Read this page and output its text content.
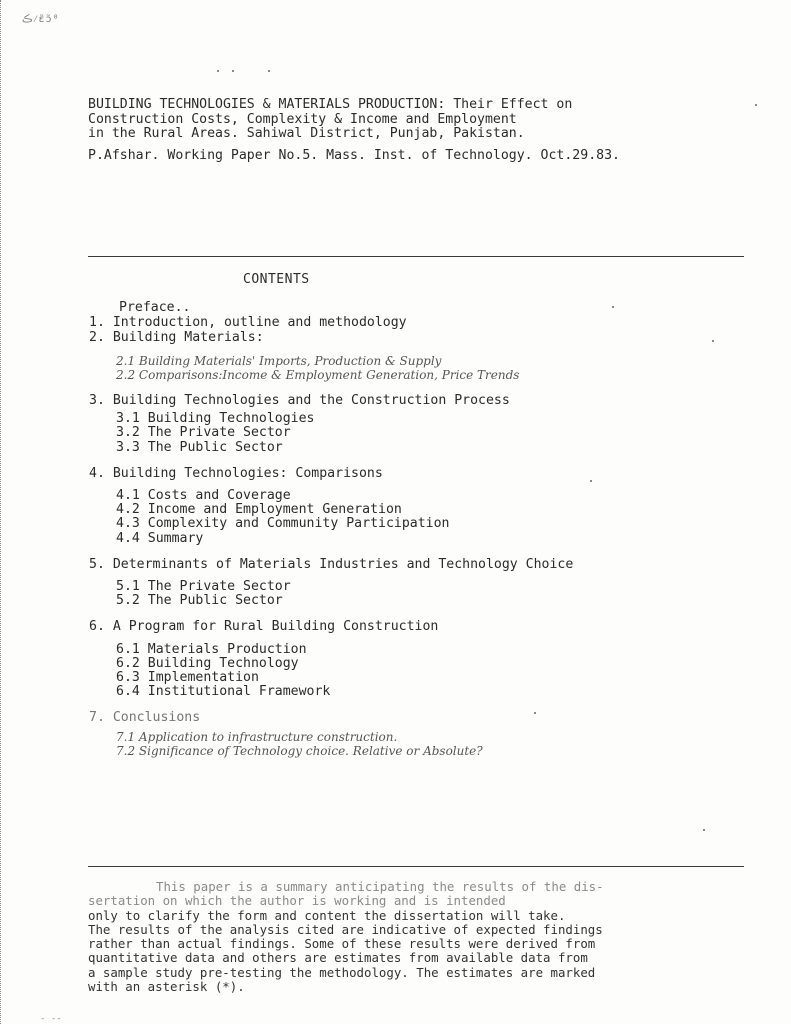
ڪ⁄ɛ̃ɔ̃⁰
BUILDING TECHNOLOGIES & MATERIALS PRODUCTION: Their Effect on
Construction Costs, Complexity & Income and Employment
in the Rural Areas. Sahiwal District, Punjab, Pakistan.
P.Afshar. Working Paper No.5. Mass. Inst. of Technology. Oct.29.83.
CONTENTS
Preface..
1. Introduction, outline and methodology
2. Building Materials:
2.1 Building Materials' Imports, Production & Supply
2.2 Comparisons:Income & Employment Generation, Price Trends
3. Building Technologies and the Construction Process
3.1 Building Technologies
3.2 The Private Sector
3.3 The Public Sector
4. Building Technologies: Comparisons
4.1 Costs and Coverage
4.2 Income and Employment Generation
4.3 Complexity and Community Participation
4.4 Summary
5. Determinants of Materials Industries and Technology Choice
5.1 The Private Sector
5.2 The Public Sector
6. A Program for Rural Building Construction
6.1 Materials Production
6.2 Building Technology
6.3 Implementation
6.4 Institutional Framework
7. Conclusions
7.1 Application to infrastructure construction.
7.2 Significance of Technology choice. Relative or Absolute?
This paper is a summary anticipating the results of the dis-
sertation on which the author is working and is intended
only to clarify the form and content the dissertation will take.
The results of the analysis cited are indicative of expected findings
rather than actual findings. Some of these results were derived from
quantitative data and others are estimates from available data from
a sample study pre-testing the methodology. The estimates are marked
with an asterisk (*).
- --
